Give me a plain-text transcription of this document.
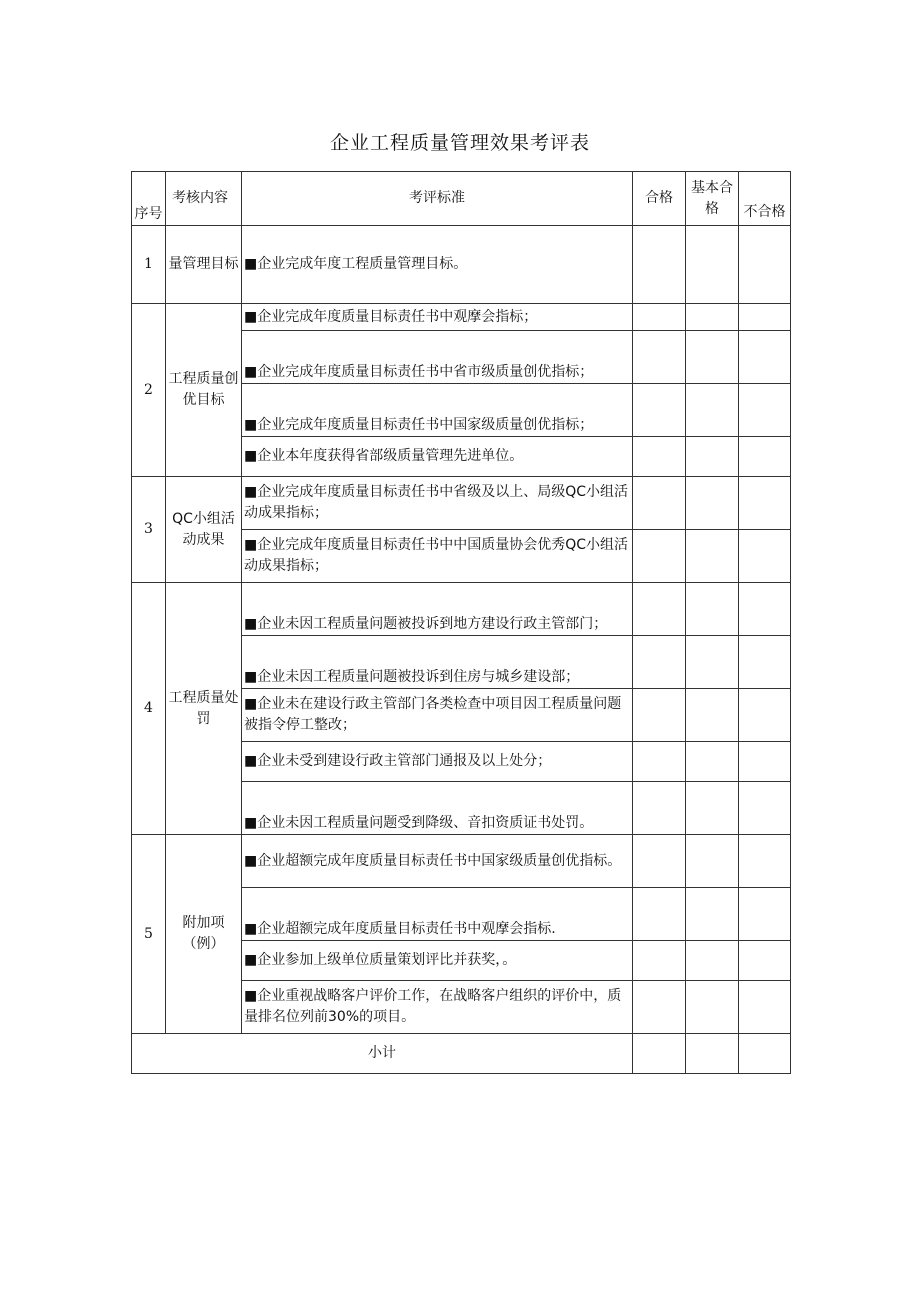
企业工程质量管理效果考评表
序号	考核内容	考评标准	合格	基本合格	不合格
1	量管理目标	■企业完成年度工程质量管理目标。			
2	工程质量创优目标	■企业完成年度质量目标责任书中观摩会指标；			
		■企业完成年度质量目标责任书中省市级质量创优指标；			
		■企业完成年度质量目标责任书中国家级质量创优指标；			
		■企业本年度获得省部级质量管理先进单位。			
3	QC小组活动成果	■企业完成年度质量目标责任书中省级及以上、局级QC小组活动成果指标；			
		■企业完成年度质量目标责任书中中国质量协会优秀QC小组活动成果指标；			
4	工程质量处罚	■企业未因工程质量问题被投诉到地方建设行政主管部门；			
		■企业未因工程质量问题被投诉到住房与城乡建设部；			
		■企业未在建设行政主管部门各类检查中项目因工程质量问题被指令停工整改；			
		■企业未受到建设行政主管部门通报及以上处分；			
		■企业未因工程质量问题受到降级、音扣资质证书处罚。			
5	附加项（例）	■企业超额完成年度质量目标责任书中国家级质量创优指标。			
		■企业超额完成年度质量目标责任书中观摩会指标.			
		■企业参加上级单位质量策划评比并获奖，。			
		■企业重视战略客户评价工作，在战略客户组织的评价中，质量排名位列前30%的项目。			
小计					
